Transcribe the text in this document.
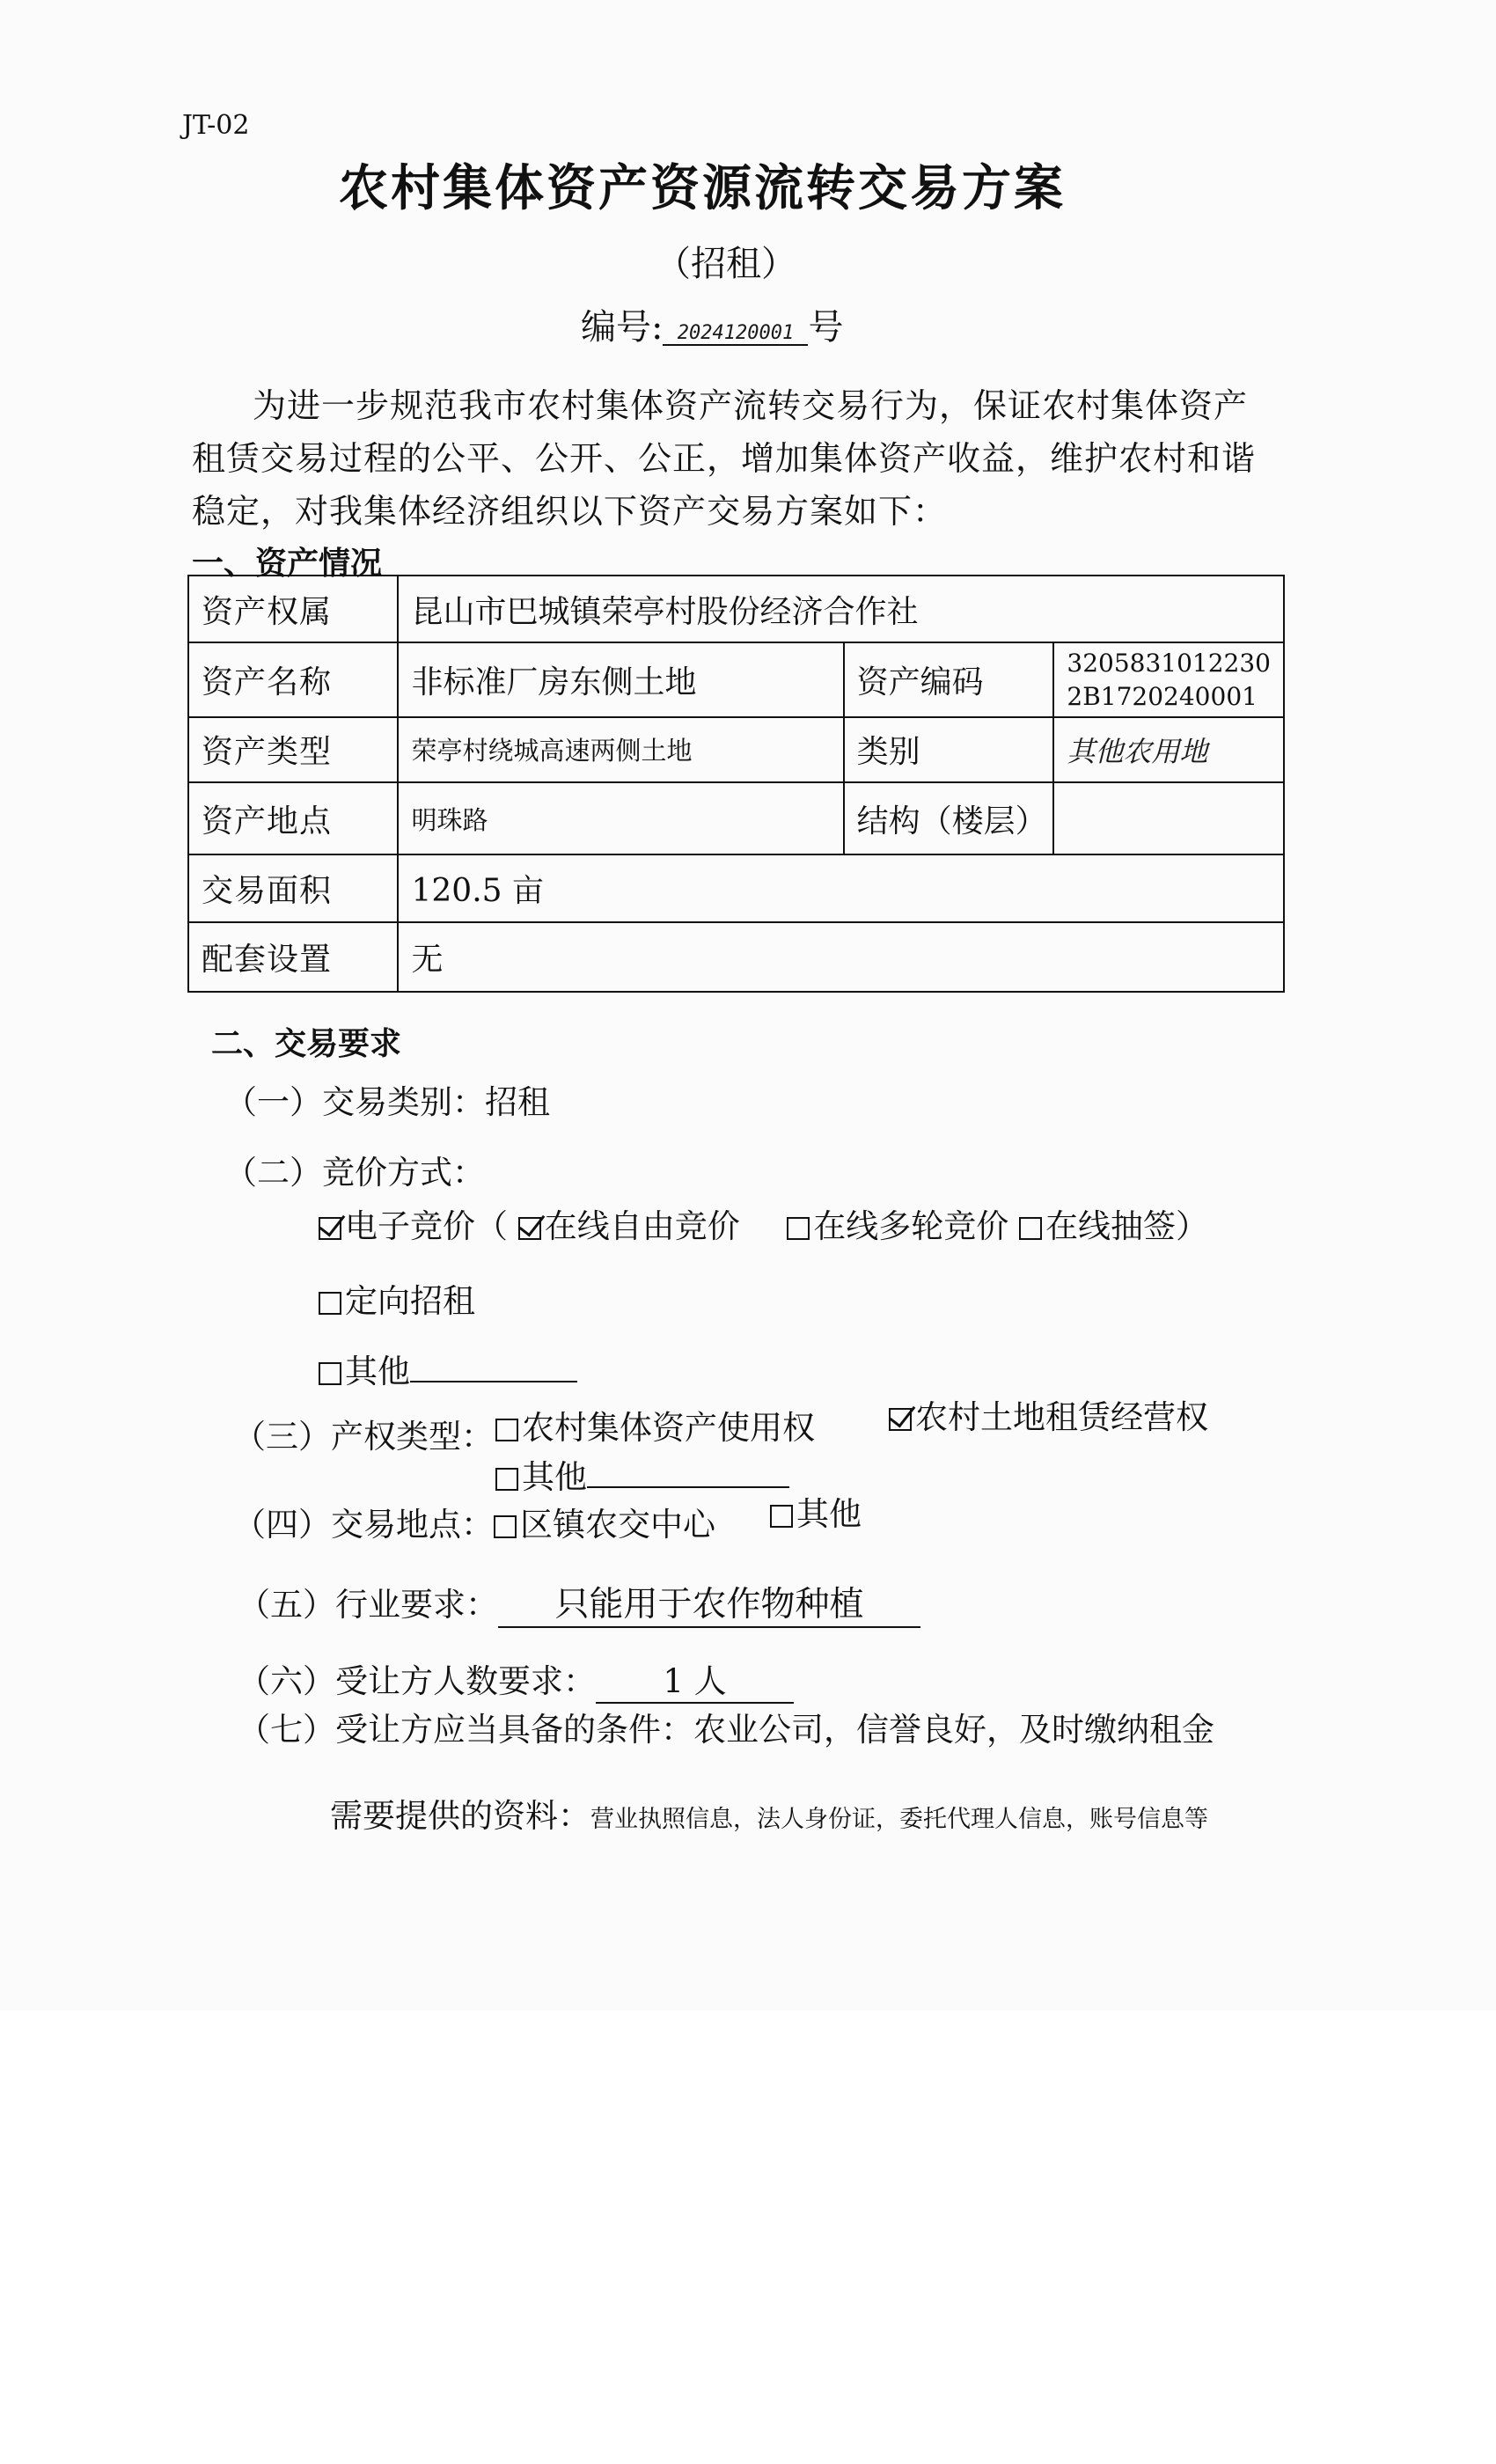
JT-02
农村集体资产资源流转交易方案
（招租）
编号: 2024120001 号
为进一步规范我市农村集体资产流转交易行为，保证农村集体资产
租赁交易过程的公平、公开、公正，增加集体资产收益，维护农村和谐
稳定，对我集体经济组织以下资产交易方案如下：
一、资产情况
资产权属	昆山市巴城镇荣亭村股份经济合作社		
资产名称	非标准厂房东侧土地	资产编码	3205831012230
2B1720240001

资产类型	荣亭村绕城高速两侧土地	类别	其他农用地
资产地点	明珠路	结构（楼层）	
交易面积	120.5 亩		
配套设置	无		
二、交易要求
（一）交易类别：招租
（二）竞价方式：
电子竞价（ 在线自由竞价 在线多轮竞价 在线抽签）
定向招租
其他
（三）产权类型： 农村集体资产使用权	农村土地租赁经营权
其他
（四）交易地点： 区镇农交中心	其他
（五）行业要求： 只能用于农作物种植
（六）受让方人数要求： 1 人
（七）受让方应当具备的条件：农业公司，信誉良好，及时缴纳租金
需要提供的资料：营业执照信息，法人身份证，委托代理人信息，账号信息等
